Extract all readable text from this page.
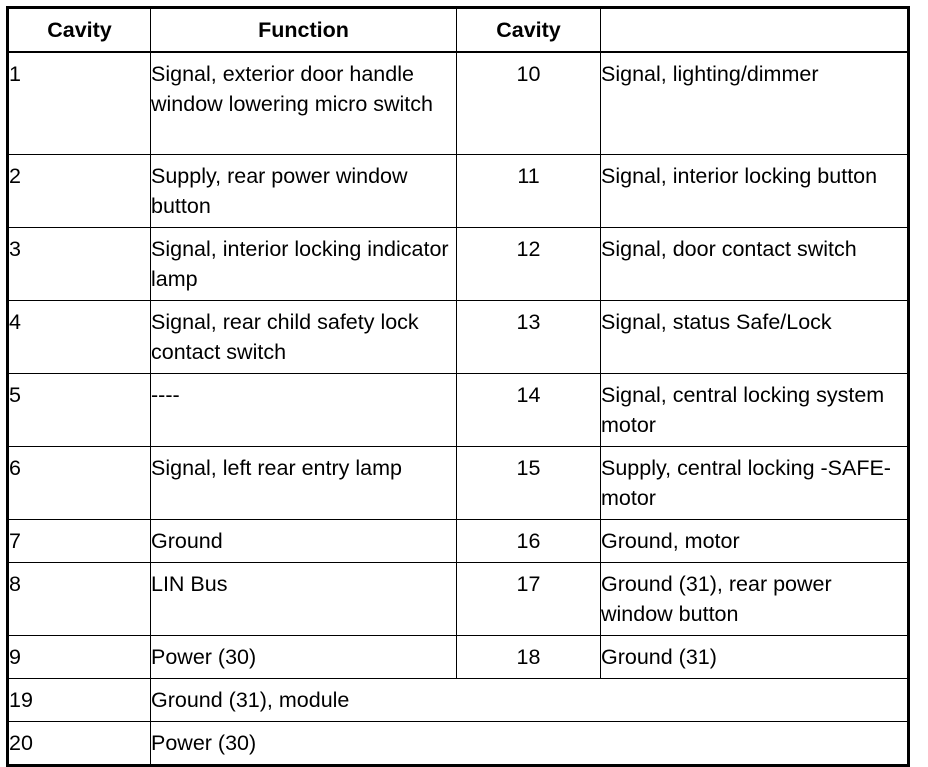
Cavity	Function	Cavity	
1	Signal, exterior door handle window lowering micro switch	10	Signal, lighting/dimmer
2	Supply, rear power window button	11	Signal, interior locking button
3	Signal, interior locking indicator lamp	12	Signal, door contact switch
4	Signal, rear child safety lock contact switch	13	Signal, status Safe/Lock
5	----	14	Signal, central locking system motor
6	Signal, left rear entry lamp	15	Supply, central locking -SAFE- motor
7	Ground	16	Ground, motor
8	LIN Bus	17	Ground (31), rear power window button
9	Power (30)	18	Ground (31)
19	Ground (31), module		
20	Power (30)		
